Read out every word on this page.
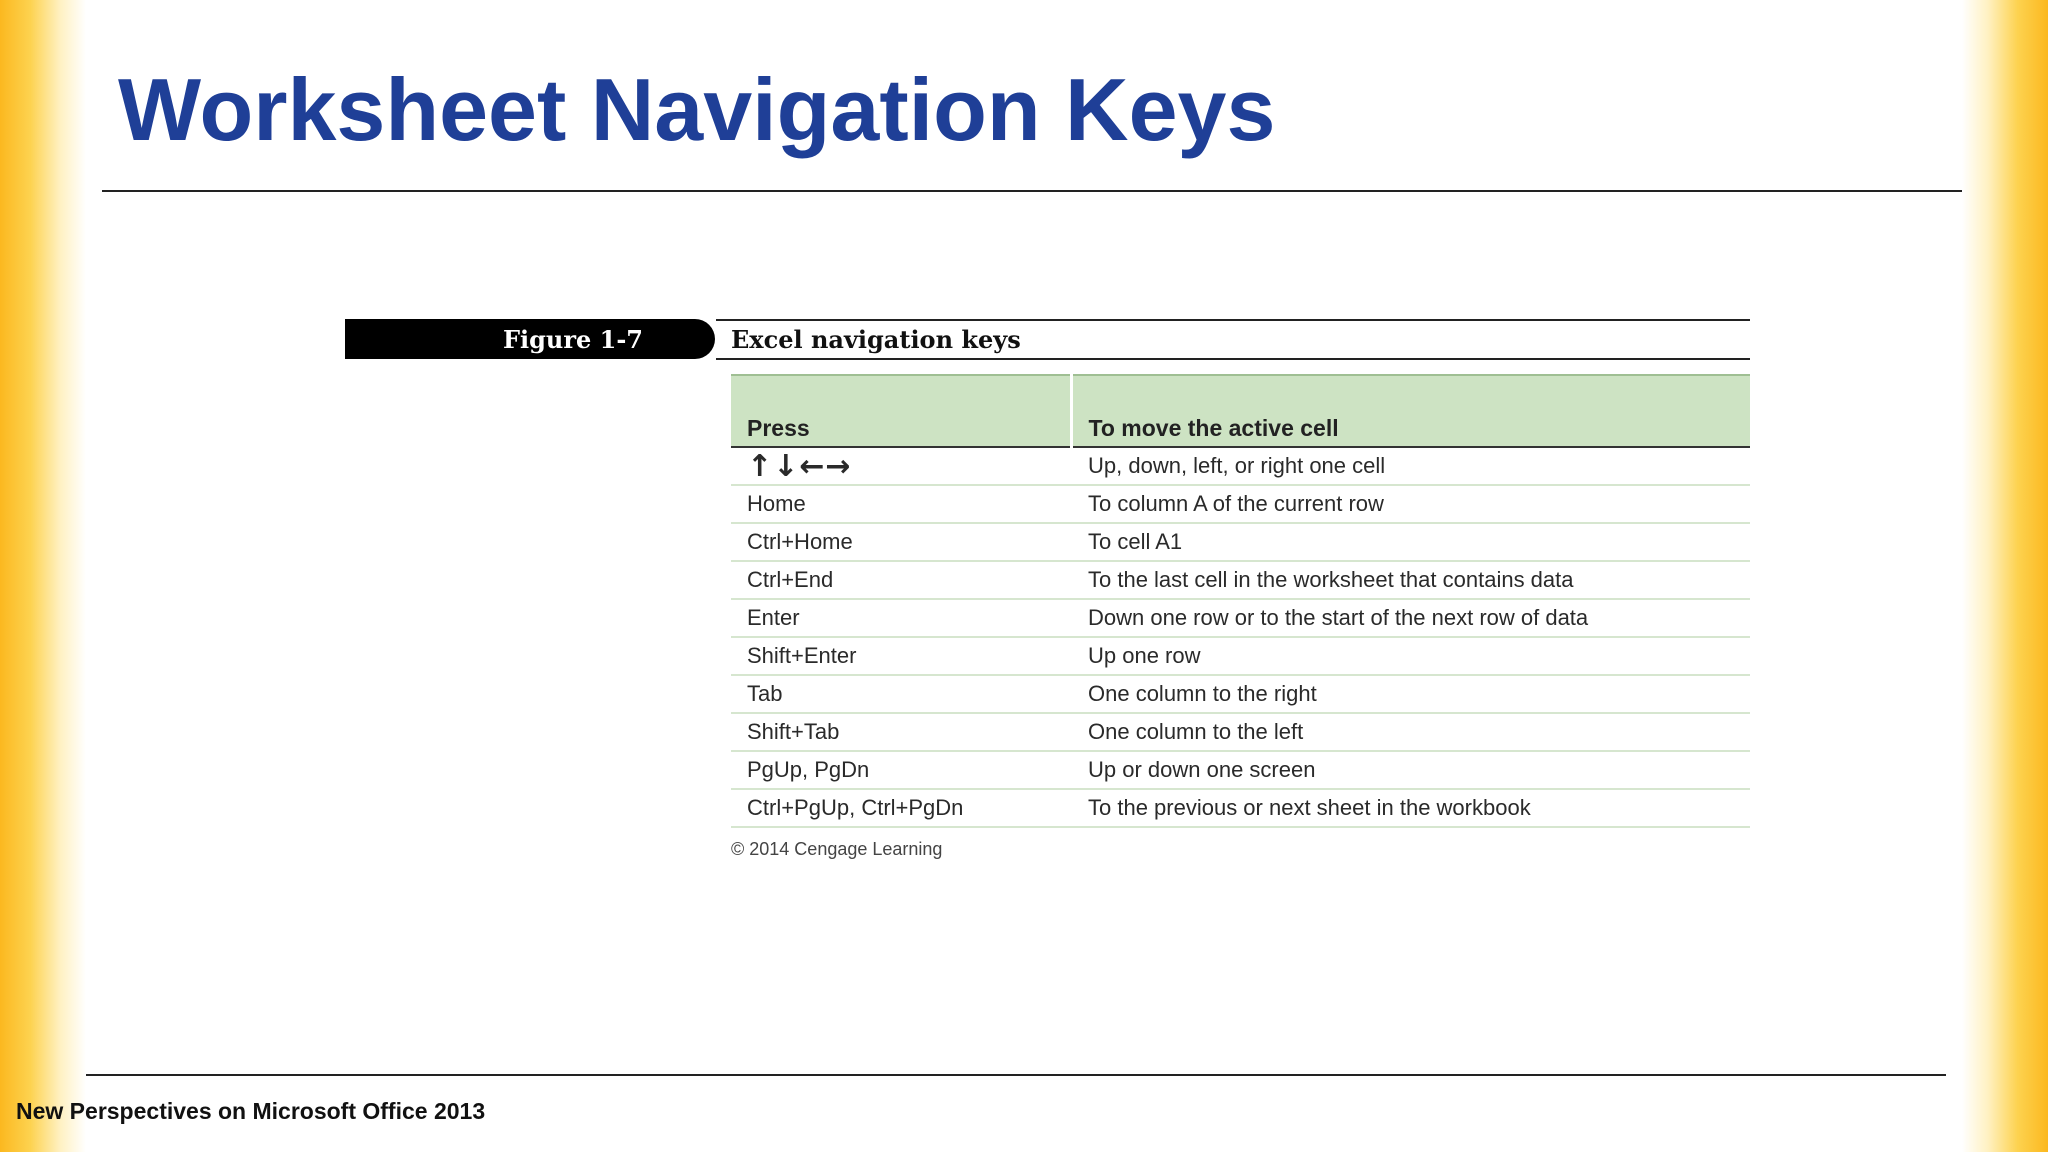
Worksheet Navigation Keys
Figure 1-7	Excel navigation keys
Press	To move the active cell
↑↓←→	Up, down, left, or right one cell
Home	To column A of the current row
Ctrl+Home	To cell A1
Ctrl+End	To the last cell in the worksheet that contains data
Enter	Down one row or to the start of the next row of data
Shift+Enter	Up one row
Tab	One column to the right
Shift+Tab	One column to the left
PgUp, PgDn	Up or down one screen
Ctrl+PgUp, Ctrl+PgDn	To the previous or next sheet in the workbook
© 2014 Cengage Learning
New Perspectives on Microsoft Office 2013
